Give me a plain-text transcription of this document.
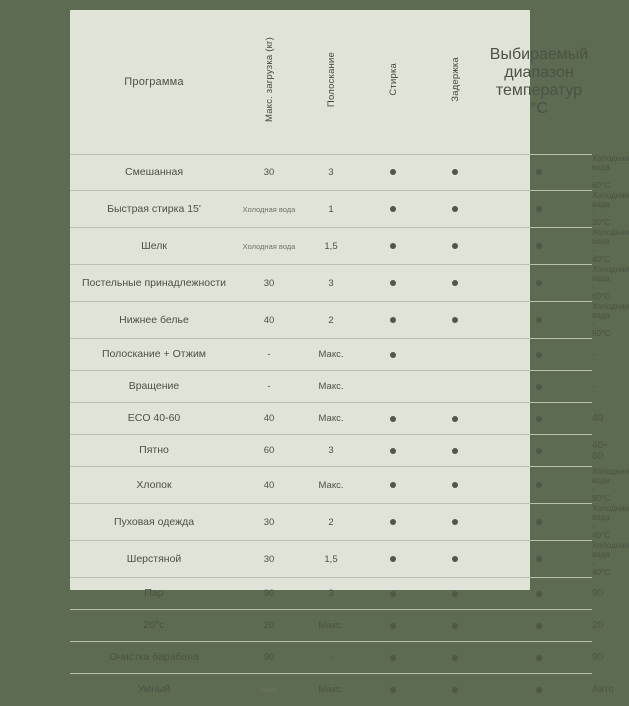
Программа	Макс. загрузка (кг)	Полоскание	Стирка	Задержка	Выбираемый диапазон температур °C	
Смешанная	30	3				Холодная вода - 60°C
Быстрая стирка 15'	Холодная вода	1				Холодная вода - 30°C
Шелк	Холодная вода	1,5				Холодная вода - 40°C
Постельные принадлежности	30	3				Холодная вода - 60°C
Нижнее белье	40	2				Холодная вода - 90°C
Полоскание + Отжим	-	Макс.				-
Вращение	-	Макс.				-
ECO 40-60	40	Макс.				40
Пятно	60	3				40-60
Хлопок	40	Макс.				Холодная вода - 90°C
Пуховая одежда	30	2				Холодная вода - 40°C
Шерстяной	30	1,5				Холодная вода - 40°C
Пар	90	3				90
20°c	20	Макс.				20
Очистка барабана	90	-				90
Умный	Авто	Макс.				Авто
